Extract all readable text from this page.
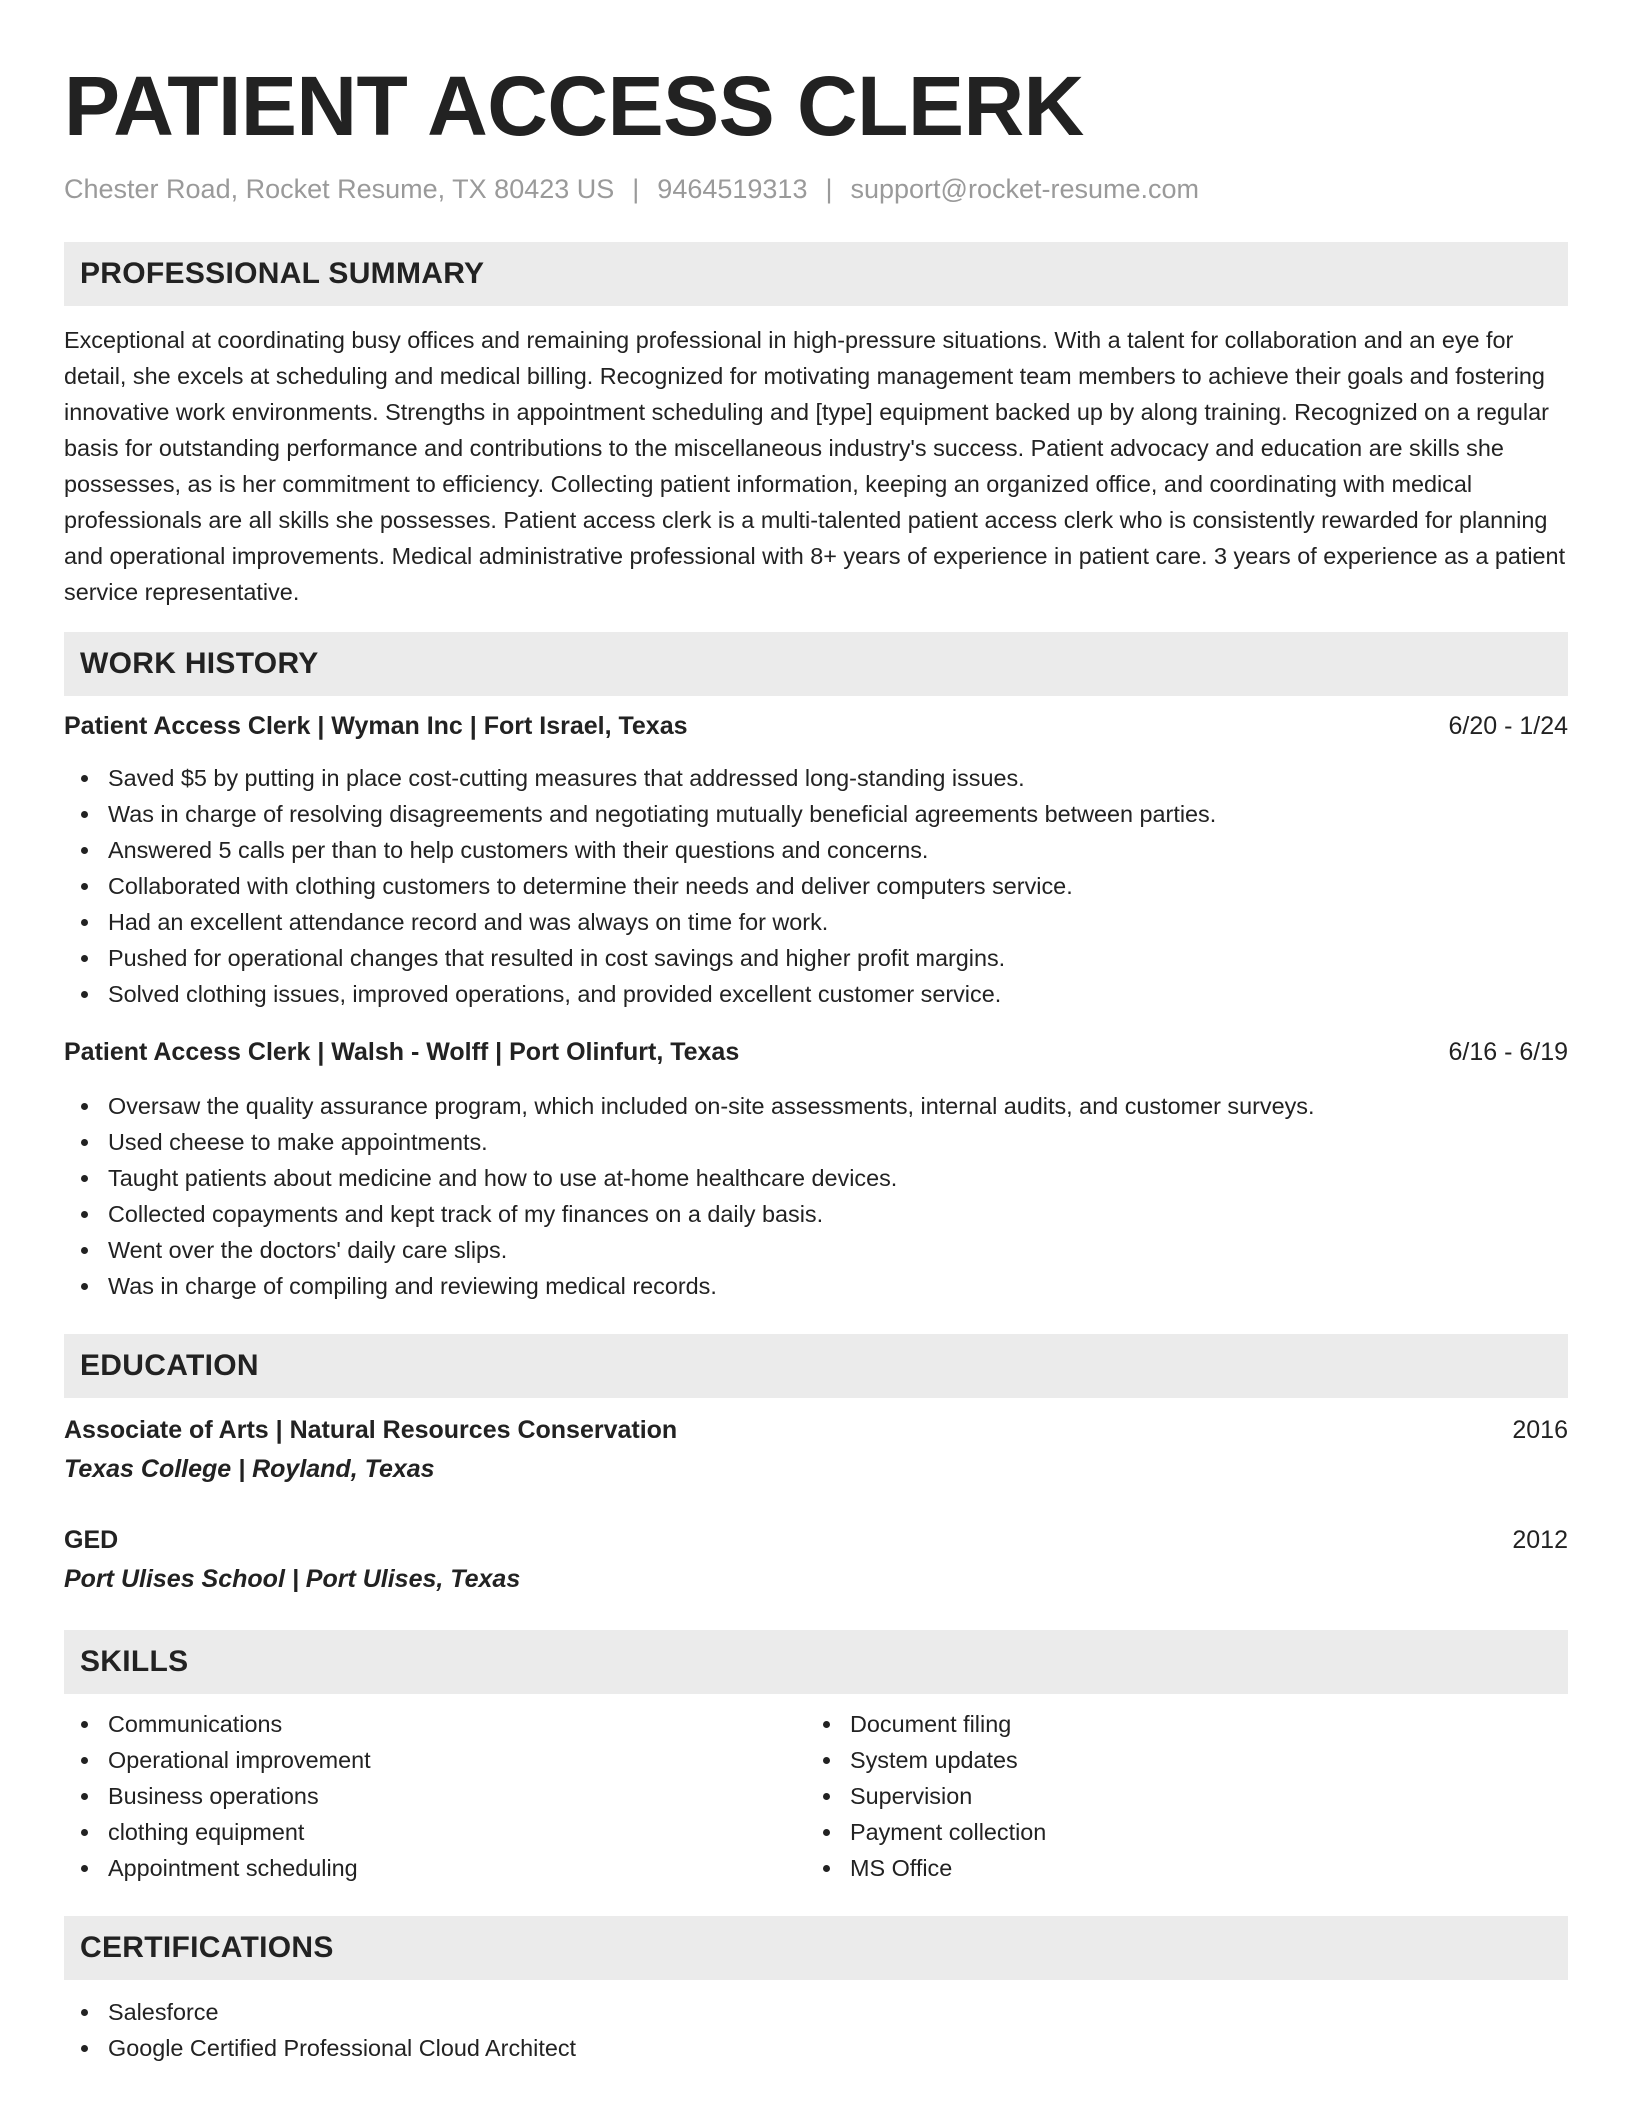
PATIENT ACCESS CLERK
Chester Road, Rocket Resume, TX 80423 US | 9464519313 | support@rocket-resume.com
PROFESSIONAL SUMMARY

Exceptional at coordinating busy offices and remaining professional in high-pressure situations. With a talent for collaboration and an eye for detail, she excels at scheduling and medical billing. Recognized for motivating management team members to achieve their goals and fostering innovative work environments. Strengths in appointment scheduling and [type] equipment backed up by along training. Recognized on a regular basis for outstanding performance and contributions to the miscellaneous industry's success. Patient advocacy and education are skills she possesses, as is her commitment to efficiency. Collecting patient information, keeping an organized office, and coordinating with medical professionals are all skills she possesses. Patient access clerk is a multi-talented patient access clerk who is consistently rewarded for planning and operational improvements. Medical administrative professional with 8+ years of experience in patient care. 3 years of experience as a patient service representative.

WORK HISTORY
Patient Access Clerk | Wyman Inc | Fort Israel, Texas	6/20 - 1/24
Saved $5 by putting in place cost-cutting measures that addressed long-standing issues.
Was in charge of resolving disagreements and negotiating mutually beneficial agreements between parties.
Answered 5 calls per than to help customers with their questions and concerns.
Collaborated with clothing customers to determine their needs and deliver computers service.
Had an excellent attendance record and was always on time for work.
Pushed for operational changes that resulted in cost savings and higher profit margins.
Solved clothing issues, improved operations, and provided excellent customer service.
Patient Access Clerk | Walsh - Wolff | Port Olinfurt, Texas	6/16 - 6/19
Oversaw the quality assurance program, which included on-site assessments, internal audits, and customer surveys.
Used cheese to make appointments.
Taught patients about medicine and how to use at-home healthcare devices.
Collected copayments and kept track of my finances on a daily basis.
Went over the doctors' daily care slips.
Was in charge of compiling and reviewing medical records.
EDUCATION
Associate of Arts | Natural Resources Conservation	2016
Texas College | Royland, Texas
GED	2012
Port Ulises School | Port Ulises, Texas
SKILLS
Communications
Operational improvement
Business operations
clothing equipment
Appointment scheduling
Document filing
System updates
Supervision
Payment collection
MS Office
CERTIFICATIONS
Salesforce
Google Certified Professional Cloud Architect
